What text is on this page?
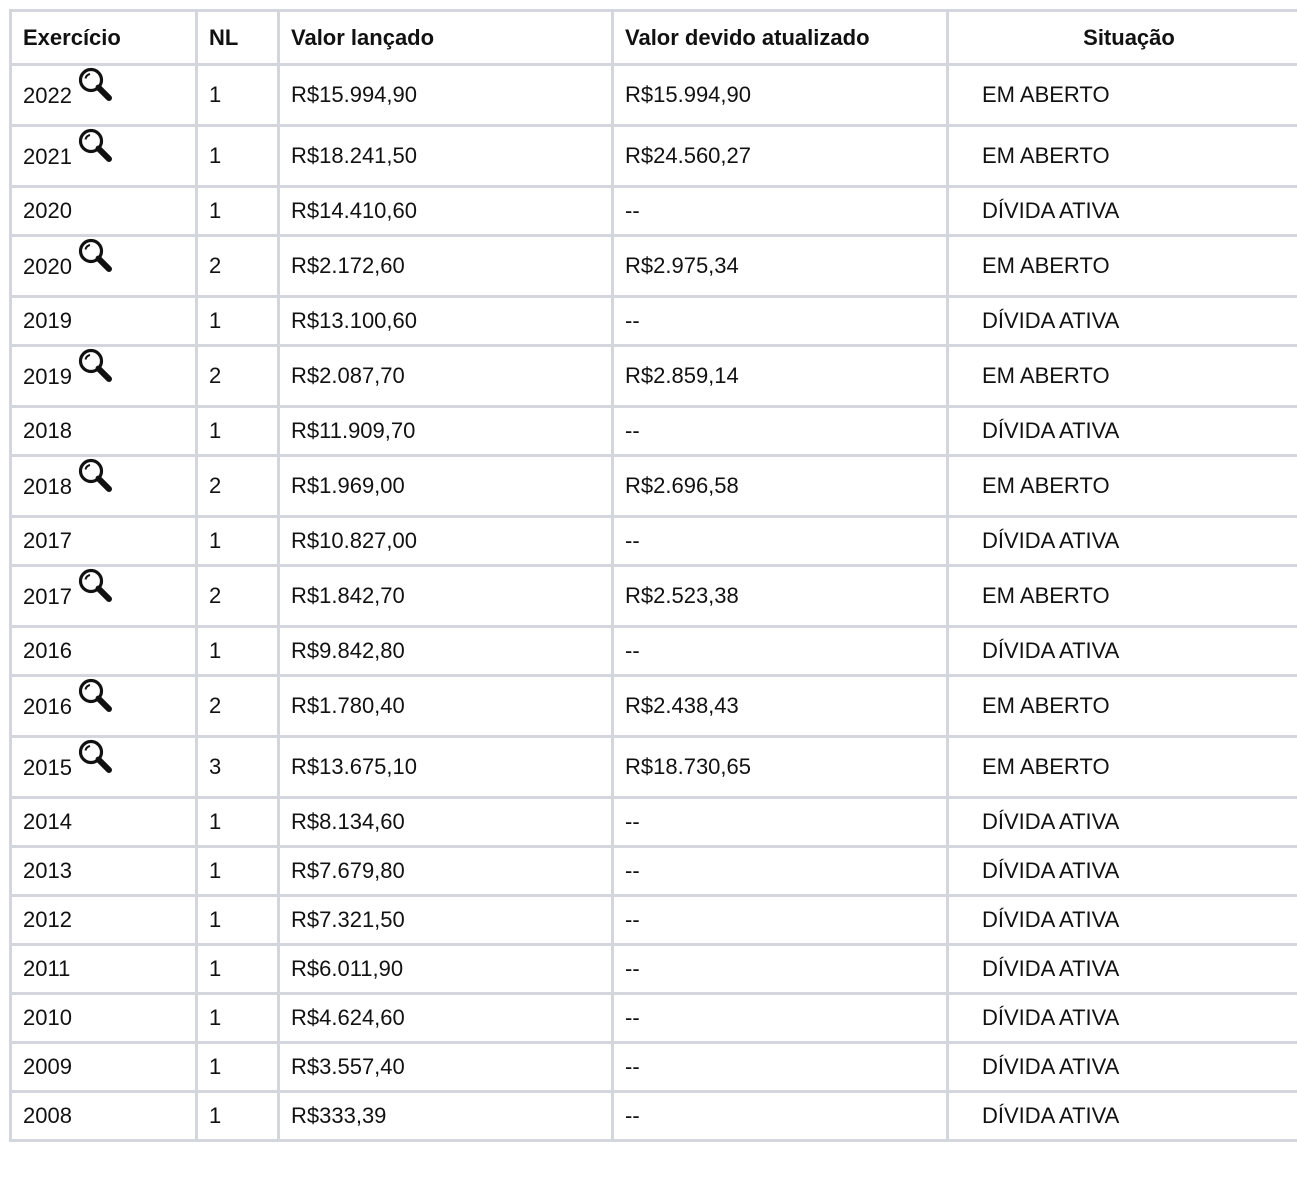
Exercício	NL	Valor lançado	Valor devido atualizado	Situação
2022	1	R$15.994,90	R$15.994,90	EM ABERTO
2021	1	R$18.241,50	R$24.560,27	EM ABERTO
2020	1	R$14.410,60	--	DÍVIDA ATIVA
2020	2	R$2.172,60	R$2.975,34	EM ABERTO
2019	1	R$13.100,60	--	DÍVIDA ATIVA
2019	2	R$2.087,70	R$2.859,14	EM ABERTO
2018	1	R$11.909,70	--	DÍVIDA ATIVA
2018	2	R$1.969,00	R$2.696,58	EM ABERTO
2017	1	R$10.827,00	--	DÍVIDA ATIVA
2017	2	R$1.842,70	R$2.523,38	EM ABERTO
2016	1	R$9.842,80	--	DÍVIDA ATIVA
2016	2	R$1.780,40	R$2.438,43	EM ABERTO
2015	3	R$13.675,10	R$18.730,65	EM ABERTO
2014	1	R$8.134,60	--	DÍVIDA ATIVA
2013	1	R$7.679,80	--	DÍVIDA ATIVA
2012	1	R$7.321,50	--	DÍVIDA ATIVA
2011	1	R$6.011,90	--	DÍVIDA ATIVA
2010	1	R$4.624,60	--	DÍVIDA ATIVA
2009	1	R$3.557,40	--	DÍVIDA ATIVA
2008	1	R$333,39	--	DÍVIDA ATIVA
